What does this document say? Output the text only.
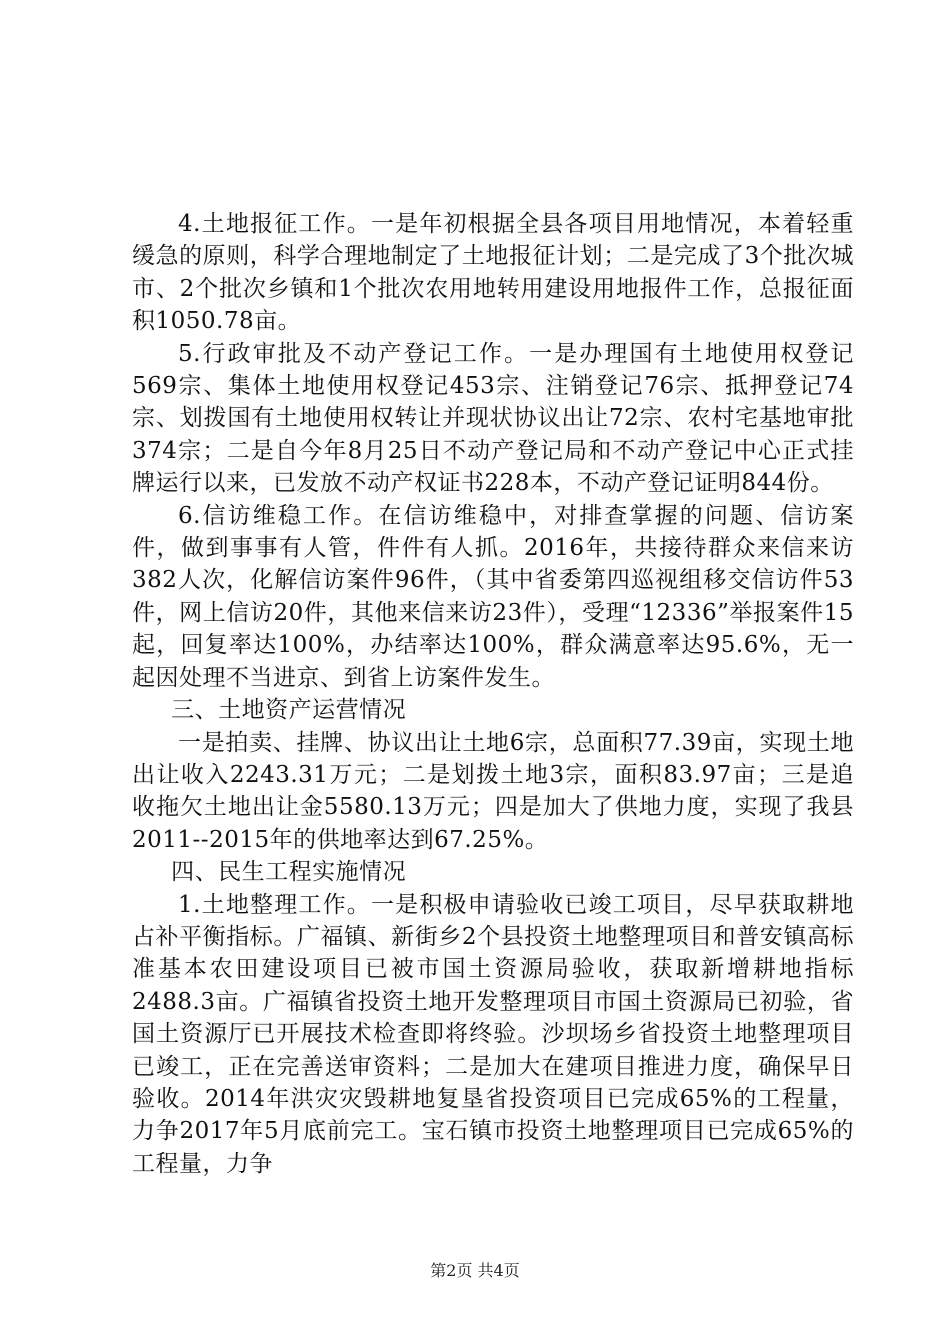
4.土地报征工作。一是年初根据全县各项目用地情况，本着轻重缓急的原则，科学合理地制定了土地报征计划；二是完成了3个批次城市、2个批次乡镇和1个批次农用地转用建设用地报件工作，总报征面积1050.78亩。

5.行政审批及不动产登记工作。一是办理国有土地使用权登记569宗、集体土地使用权登记453宗、注销登记76宗、抵押登记74宗、划拨国有土地使用权转让并现状协议出让72宗、农村宅基地审批374宗；二是自今年8月25日不动产登记局和不动产登记中心正式挂牌运行以来，已发放不动产权证书228本，不动产登记证明844份。

6.信访维稳工作。在信访维稳中，对排查掌握的问题、信访案件，做到事事有人管，件件有人抓。2016年，共接待群众来信来访382人次，化解信访案件96件，（其中省委第四巡视组移交信访件53件，网上信访20件，其他来信来访23件），受理“12336”举报案件15起，回复率达100%，办结率达100%，群众满意率达95.6%，无一起因处理不当进京、到省上访案件发生。

三、土地资产运营情况

一是拍卖、挂牌、协议出让土地6宗，总面积77.39亩，实现土地出让收入2243.31万元；二是划拨土地3宗，面积83.97亩；三是追收拖欠土地出让金5580.13万元；四是加大了供地力度，实现了我县2011--2015年的供地率达到67.25%。

四、民生工程实施情况

1.土地整理工作。一是积极申请验收已竣工项目，尽早获取耕地占补平衡指标。广福镇、新街乡2个县投资土地整理项目和普安镇高标准基本农田建设项目已被市国土资源局验收，获取新增耕地指标2488.3亩。广福镇省投资土地开发整理项目市国土资源局已初验，省国土资源厅已开展技术检查即将终验。沙坝场乡省投资土地整理项目已竣工，正在完善送审资料；二是加大在建项目推进力度，确保早日验收。2014年洪灾灾毁耕地复垦省投资项目已完成65%的工程量，力争2017年5月底前完工。宝石镇市投资土地整理项目已完成65%的工程量，力争

第2页 共4页
